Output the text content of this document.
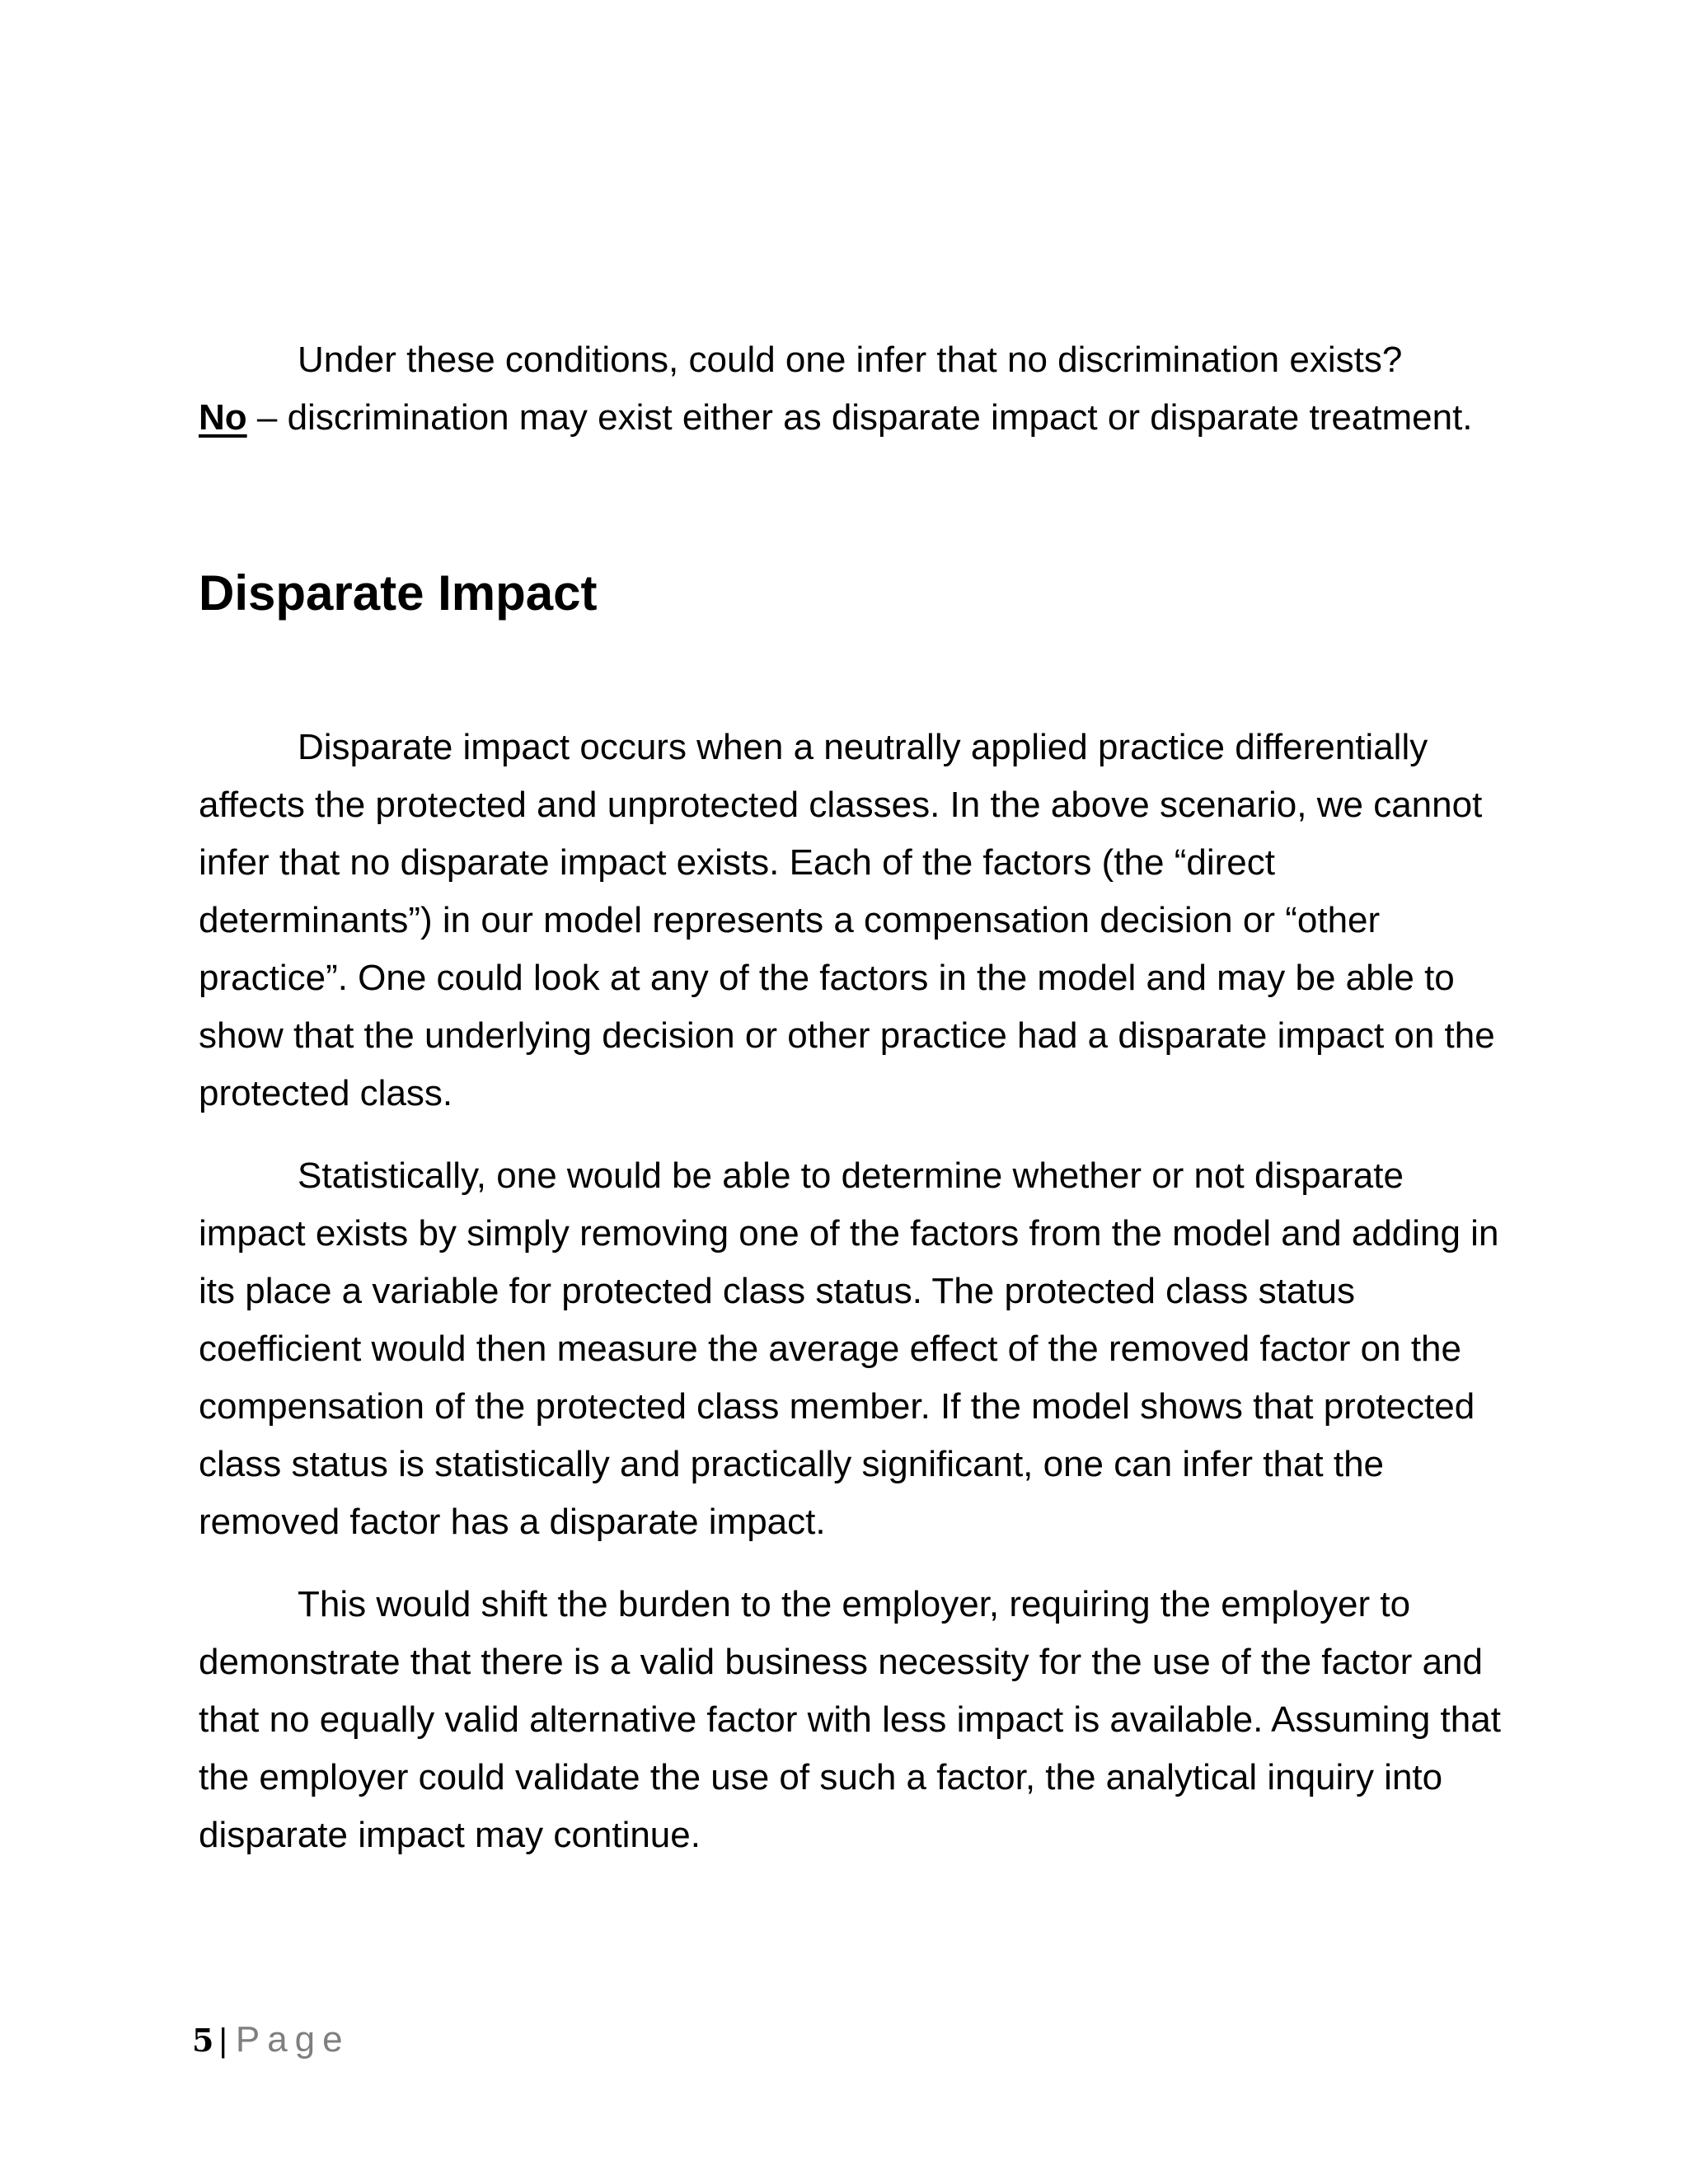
Under these conditions, could one infer that no discrimination exists?

No – discrimination may exist either as disparate impact or disparate treatment.

Disparate Impact

Disparate impact occurs when a neutrally applied practice differentially affects the protected and unprotected classes. In the above scenario, we cannot infer that no disparate impact exists. Each of the factors (the “direct determinants”) in our model represents a compensation decision or “other practice”. One could look at any of the factors in the model and may be able to show that the underlying decision or other practice had a disparate impact on the protected class.

Statistically, one would be able to determine whether or not disparate impact exists by simply removing one of the factors from the model and adding in its place a variable for protected class status. The protected class status coefficient would then measure the average effect of the removed factor on the compensation of the protected class member. If the model shows that protected class status is statistically and practically significant, one can infer that the removed factor has a disparate impact.

This would shift the burden to the employer, requiring the employer to demonstrate that there is a valid business necessity for the use of the factor and that no equally valid alternative factor with less impact is available. Assuming that the employer could validate the use of such a factor, the analytical inquiry into disparate impact may continue.

5 | Page
